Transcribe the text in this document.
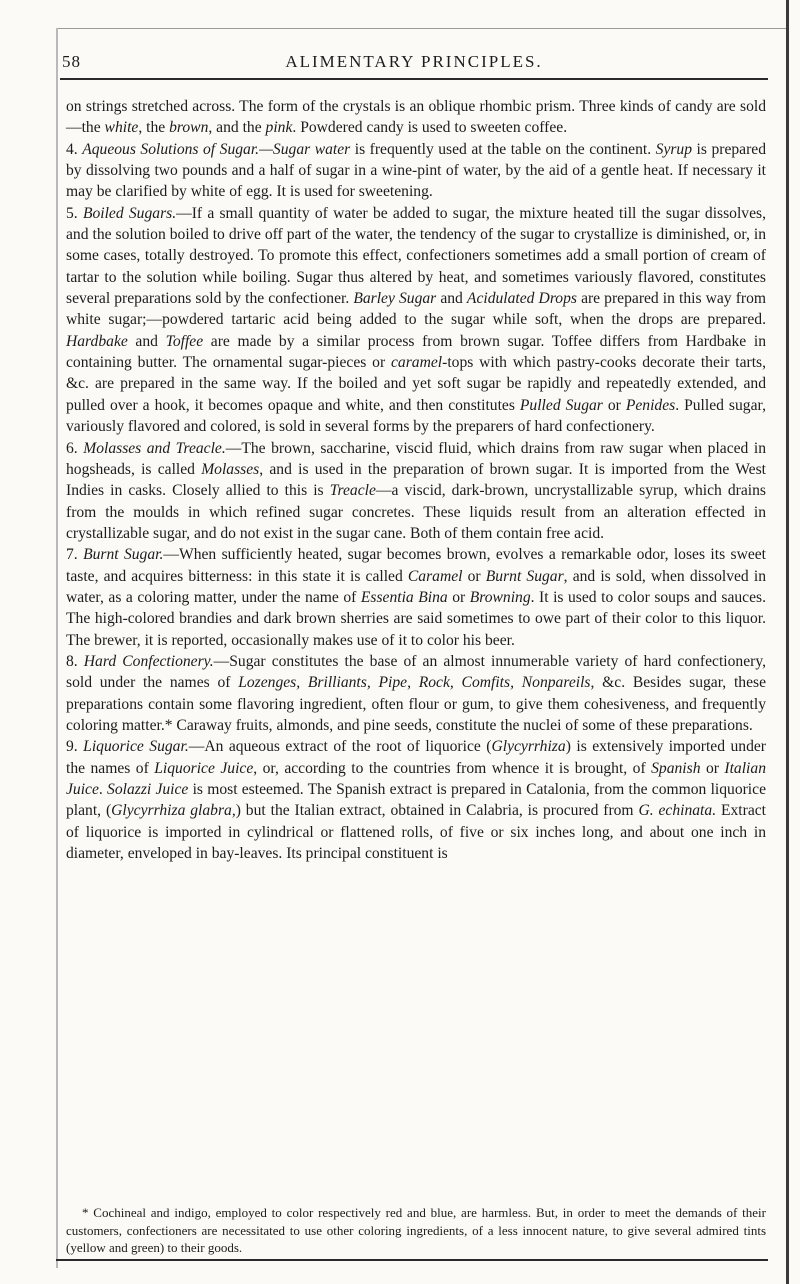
58	ALIMENTARY PRINCIPLES.

on strings stretched across. The form of the crystals is an oblique rhombic prism. Three kinds of candy are sold—the white, the brown, and the pink. Powdered candy is used to sweeten coffee.

4. Aqueous Solutions of Sugar.—Sugar water is frequently used at the table on the continent. Syrup is prepared by dissolving two pounds and a half of sugar in a wine-pint of water, by the aid of a gentle heat. If necessary it may be clarified by white of egg. It is used for sweetening.

5. Boiled Sugars.—If a small quantity of water be added to sugar, the mixture heated till the sugar dissolves, and the solution boiled to drive off part of the water, the tendency of the sugar to crystallize is diminished, or, in some cases, totally destroyed. To promote this effect, confectioners sometimes add a small portion of cream of tartar to the solution while boiling. Sugar thus altered by heat, and sometimes variously flavored, constitutes several preparations sold by the confectioner. Barley Sugar and Acidulated Drops are prepared in this way from white sugar;—powdered tartaric acid being added to the sugar while soft, when the drops are prepared. Hardbake and Toffee are made by a similar process from brown sugar. Toffee differs from Hardbake in containing butter. The ornamental sugar-pieces or caramel-tops with which pastry-cooks decorate their tarts, &c. are prepared in the same way. If the boiled and yet soft sugar be rapidly and repeatedly extended, and pulled over a hook, it becomes opaque and white, and then constitutes Pulled Sugar or Penides. Pulled sugar, variously flavored and colored, is sold in several forms by the preparers of hard confectionery.

6. Molasses and Treacle.—The brown, saccharine, viscid fluid, which drains from raw sugar when placed in hogsheads, is called Molasses, and is used in the preparation of brown sugar. It is imported from the West Indies in casks. Closely allied to this is Treacle—a viscid, dark-brown, uncrystallizable syrup, which drains from the moulds in which refined sugar concretes. These liquids result from an alteration effected in crystallizable sugar, and do not exist in the sugar cane. Both of them contain free acid.

7. Burnt Sugar.—When sufficiently heated, sugar becomes brown, evolves a remarkable odor, loses its sweet taste, and acquires bitterness: in this state it is called Caramel or Burnt Sugar, and is sold, when dissolved in water, as a coloring matter, under the name of Essentia Bina or Browning. It is used to color soups and sauces. The high-colored brandies and dark brown sherries are said sometimes to owe part of their color to this liquor. The brewer, it is reported, occasionally makes use of it to color his beer.

8. Hard Confectionery.—Sugar constitutes the base of an almost innumerable variety of hard confectionery, sold under the names of Lozenges, Brilliants, Pipe, Rock, Comfits, Nonpareils, &c. Besides sugar, these preparations contain some flavoring ingredient, often flour or gum, to give them cohesiveness, and frequently coloring matter.* Caraway fruits, almonds, and pine seeds, constitute the nuclei of some of these preparations.

9. Liquorice Sugar.—An aqueous extract of the root of liquorice (Glycyrrhiza) is extensively imported under the names of Liquorice Juice, or, according to the countries from whence it is brought, of Spanish or Italian Juice. Solazzi Juice is most esteemed. The Spanish extract is prepared in Catalonia, from the common liquorice plant, (Glycyrrhiza glabra,) but the Italian extract, obtained in Calabria, is procured from G. echinata. Extract of liquorice is imported in cylindrical or flattened rolls, of five or six inches long, and about one inch in diameter, enveloped in bay-leaves. Its principal constituent is

* Cochineal and indigo, employed to color respectively red and blue, are harmless. But, in order to meet the demands of their customers, confectioners are necessitated to use other coloring ingredients, of a less innocent nature, to give several admired tints (yellow and green) to their goods.
